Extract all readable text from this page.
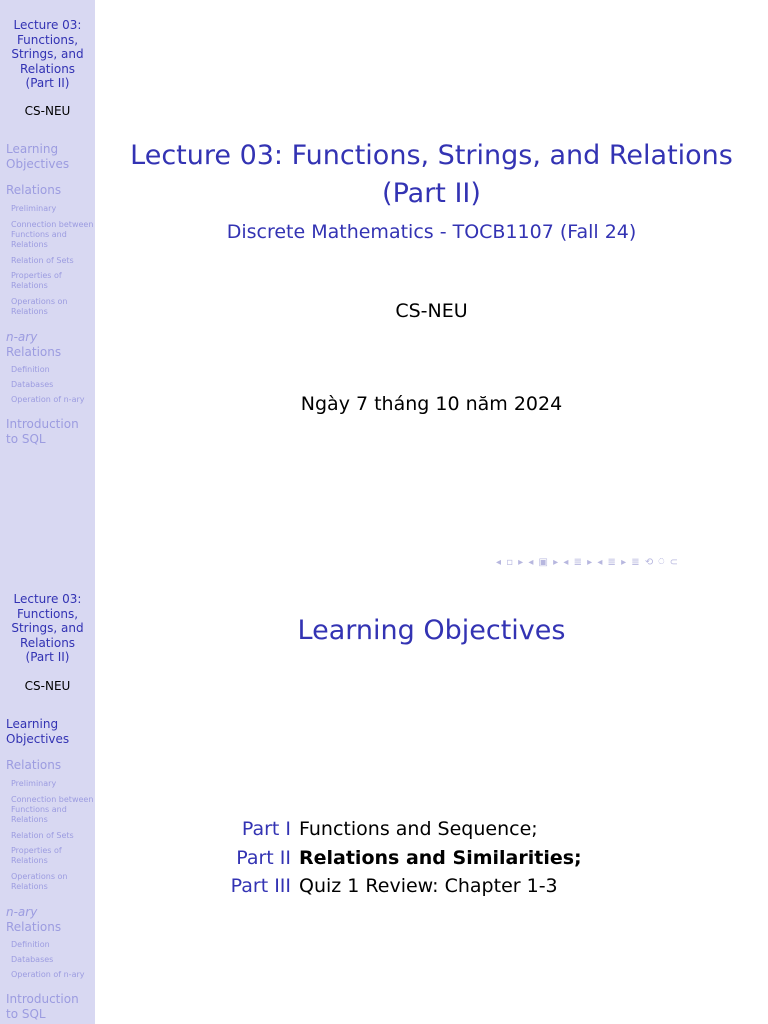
Lecture 03:
Functions,
Strings, and
Relations
(Part II)
CS-NEU
Learning
Objectives
Relations
Preliminary
Connection between
Functions and
Relations
Relation of Sets
Properties of
Relations
Operations on
Relations
n-ary
Relations
Definition
Databases
Operation of n-ary
Introduction
to SQL
Lecture 03: Functions, Strings, and Relations
(Part II)
Discrete Mathematics - TOCB1107 (Fall 24)
CS-NEU
Ngày 7 tháng 10 năm 2024
◂ ▫ ▸ ◂ ▣ ▸ ◂ ≣ ▸ ◂ ≣ ▸ ≣ ⟲ ⍥ ⊂
Lecture 03:
Functions,
Strings, and
Relations
(Part II)
CS-NEU
Learning
Objectives
Relations
Preliminary
Connection between
Functions and
Relations
Relation of Sets
Properties of
Relations
Operations on
Relations
n-ary
Relations
Definition
Databases
Operation of n-ary
Introduction
to SQL
Learning Objectives
Part I Functions and Sequence;
Part II Relations and Similarities;
Part III Quiz 1 Review: Chapter 1-3
